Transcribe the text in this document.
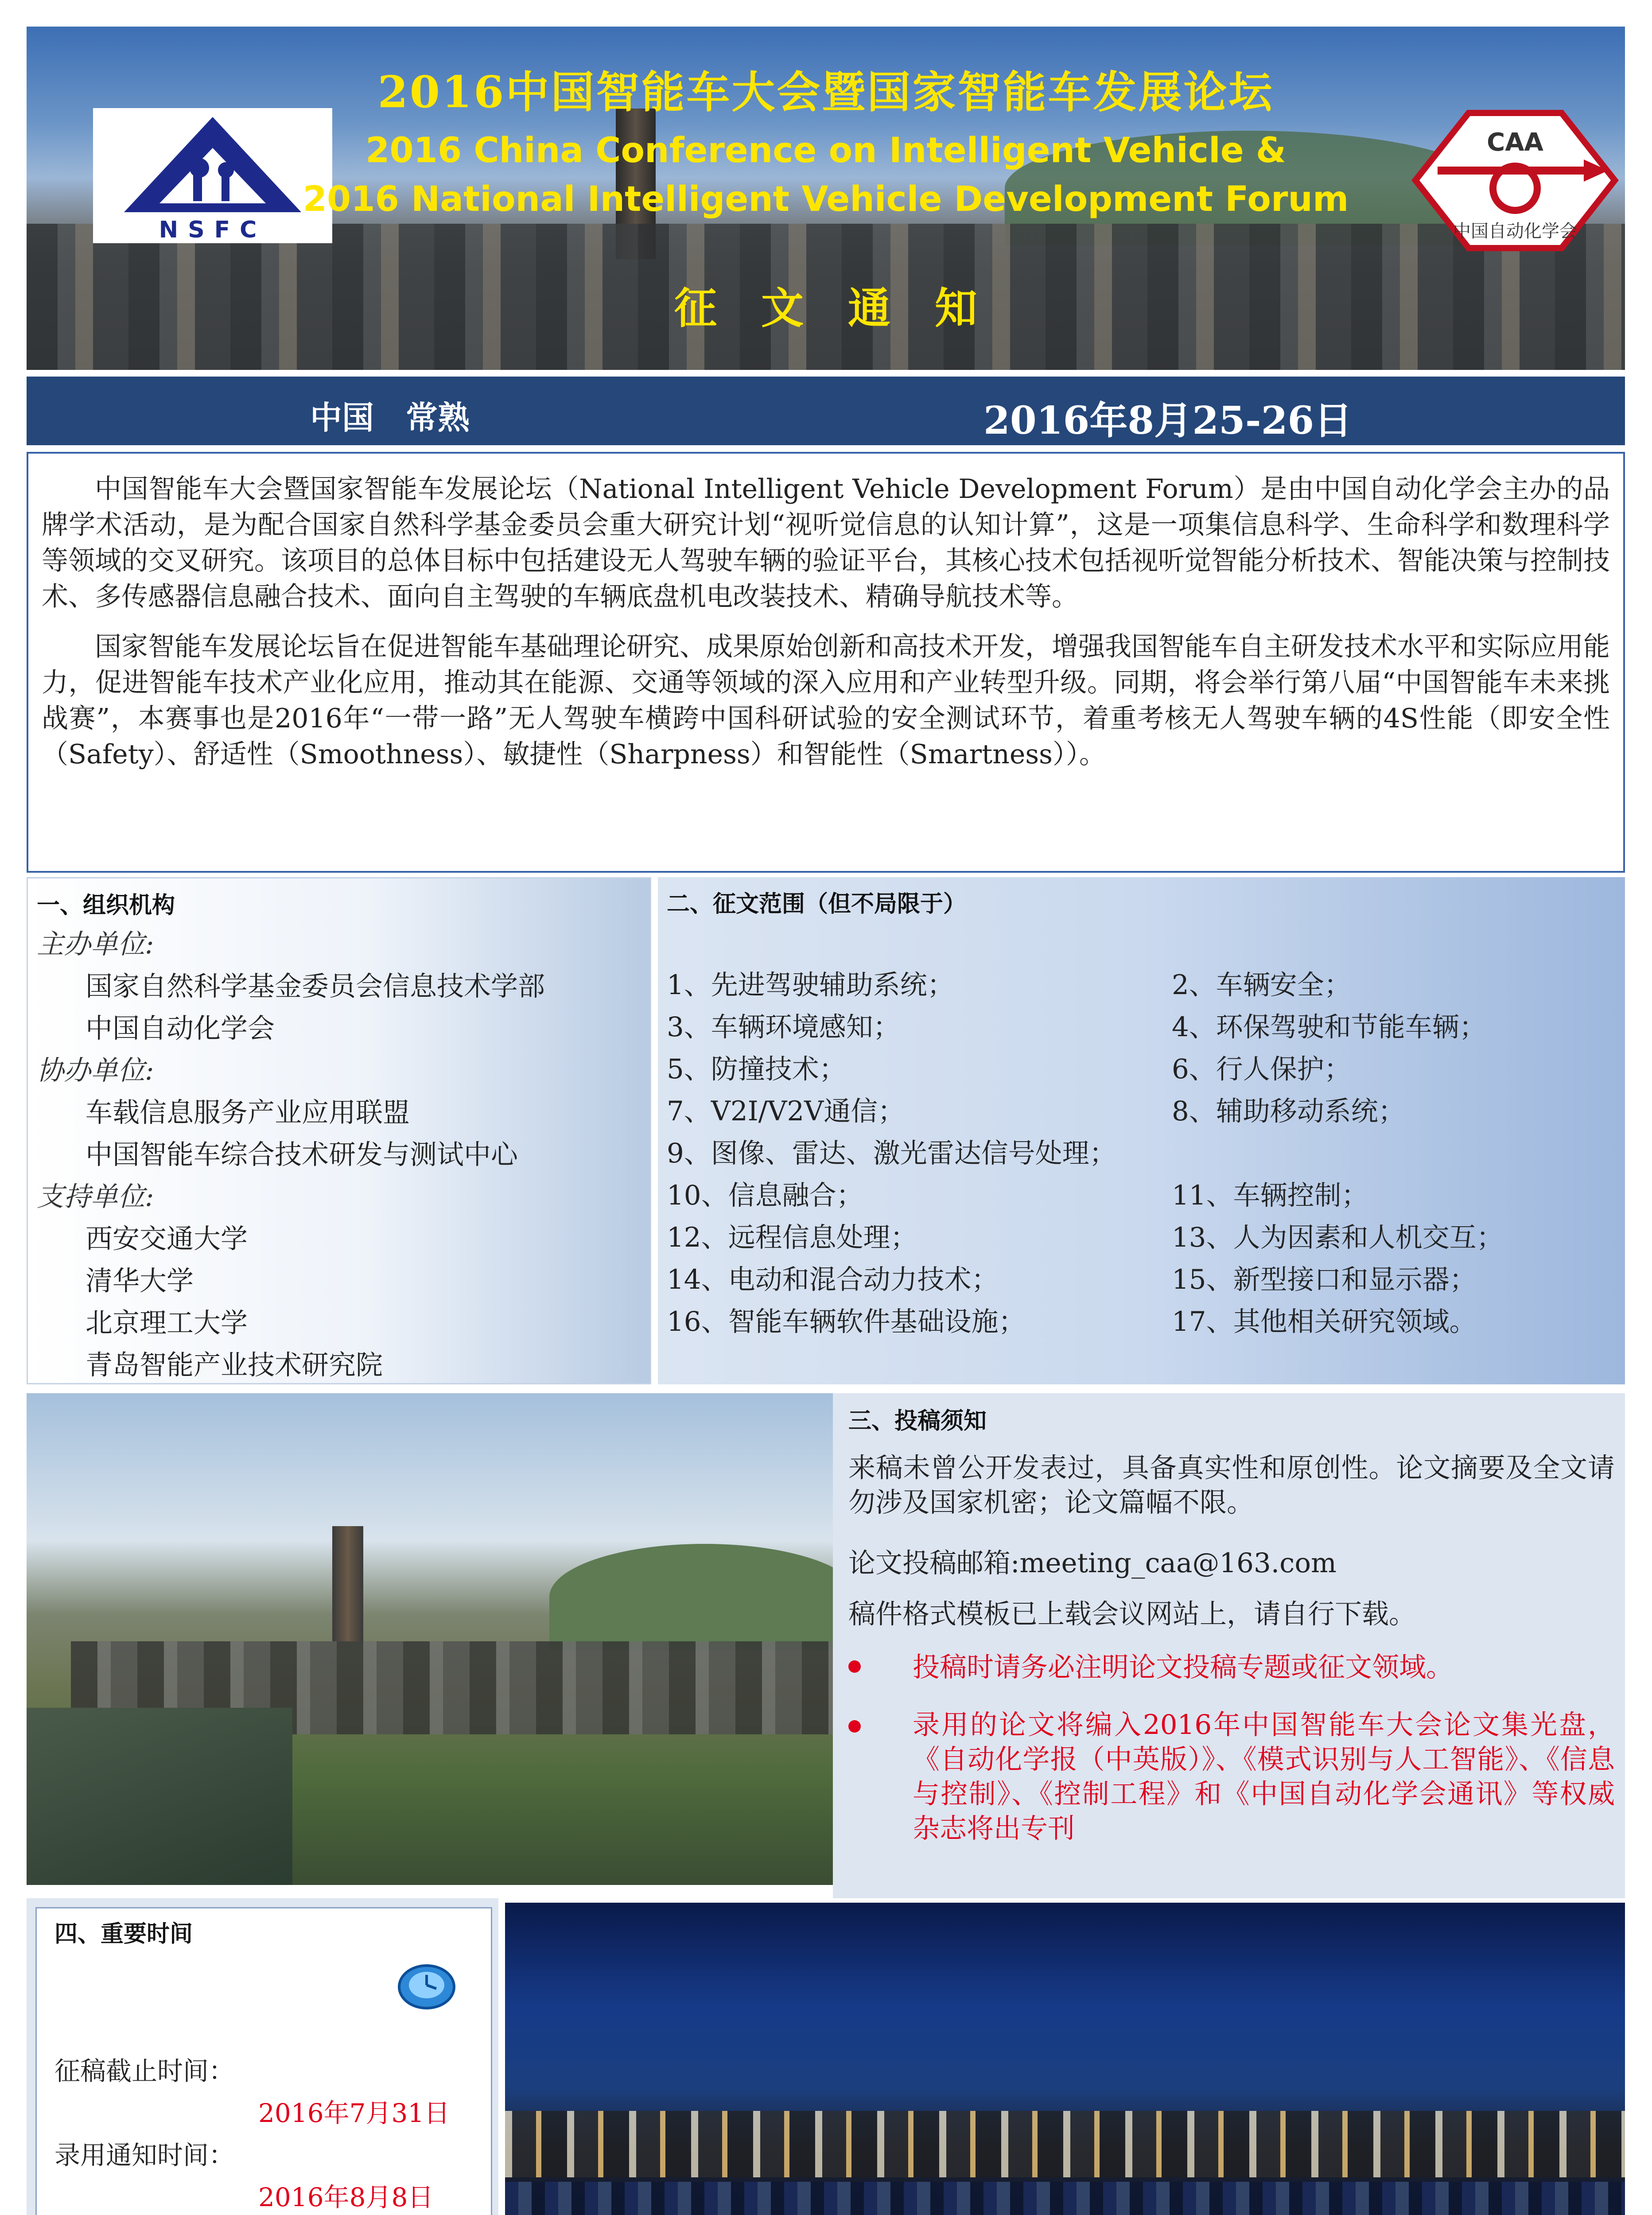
NSFC
CAA
中国自动化学会
2016中国智能车大会暨国家智能车发展论坛
2016 China Conference on Intelligent Vehicle &
2016 National Intelligent Vehicle Development Forum
征文通知
中国　常熟	2016年8月25-26日

中国智能车大会暨国家智能车发展论坛（National Intelligent Vehicle Development Forum）是由中国自动化学会主办的品牌学术活动，是为配合国家自然科学基金委员会重大研究计划“视听觉信息的认知计算”，这是一项集信息科学、生命科学和数理科学等领域的交叉研究。该项目的总体目标中包括建设无人驾驶车辆的验证平台，其核心技术包括视听觉智能分析技术、智能决策与控制技术、多传感器信息融合技术、面向自主驾驶的车辆底盘机电改装技术、精确导航技术等。

国家智能车发展论坛旨在促进智能车基础理论研究、成果原始创新和高技术开发，增强我国智能车自主研发技术水平和实际应用能力，促进智能车技术产业化应用，推动其在能源、交通等领域的深入应用和产业转型升级。同期，将会举行第八届“中国智能车未来挑战赛”，本赛事也是2016年“一带一路”无人驾驶车横跨中国科研试验的安全测试环节，着重考核无人驾驶车辆的4S性能（即安全性（Safety）、舒适性（Smoothness）、敏捷性（Sharpness）和智能性（Smartness））。

一、组织机构
主办单位:
国家自然科学基金委员会信息技术学部
中国自动化学会
协办单位:
车载信息服务产业应用联盟
中国智能车综合技术研发与测试中心
支持单位:
西安交通大学
清华大学
北京理工大学
青岛智能产业技术研究院
二、征文范围（但不局限于）
1、先进驾驶辅助系统；	2、车辆安全；
3、车辆环境感知；	4、环保驾驶和节能车辆；
5、防撞技术；	6、行人保护；
7、V2I/V2V通信；	8、辅助移动系统；
9、图像、雷达、激光雷达信号处理；
10、信息融合；	11、车辆控制；
12、远程信息处理；	13、人为因素和人机交互；
14、电动和混合动力技术；	15、新型接口和显示器；
16、智能车辆软件基础设施；	17、其他相关研究领域。
三、投稿须知
来稿未曾公开发表过，具备真实性和原创性。论文摘要及全文请勿涉及国家机密；论文篇幅不限。
论文投稿邮箱:meeting_caa@163.com
稿件格式模板已上载会议网站上，请自行下载。
投稿时请务必注明论文投稿专题或征文领域。
录用的论文将编入2016年中国智能车大会论文集光盘，《自动化学报（中英版）》、《模式识别与人工智能》、《信息与控制》、《控制工程》和《中国自动化学会通讯》等权威杂志将出专刊
四、重要时间
征稿截止时间：
2016年7月31日
录用通知时间：
2016年8月8日
